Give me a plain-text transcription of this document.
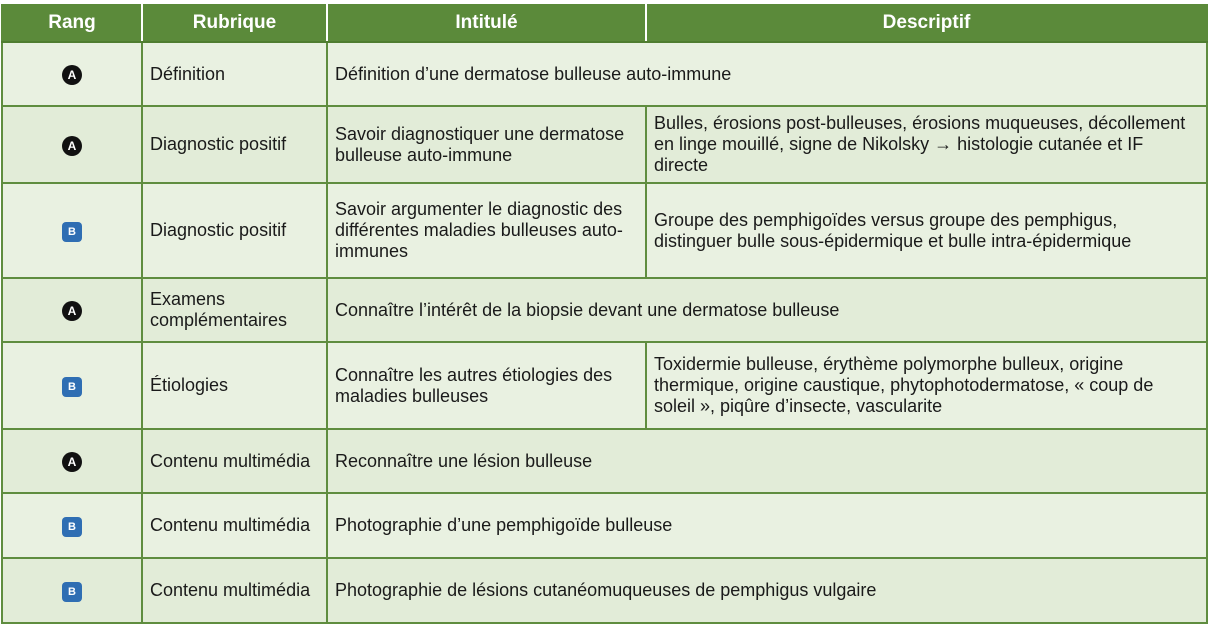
Rang	Rubrique	Intitulé	Descriptif
A	Définition	Définition d’une dermatose bulleuse auto-immune	
A	Diagnostic positif	Savoir diagnostiquer une dermatose bulleuse auto-immune	Bulles, érosions post-bulleuses, érosions muqueuses, décollement en linge mouillé, signe de Nikolsky → histologie cutanée et IF directe
B	Diagnostic positif	Savoir argumenter le diagnostic des différentes maladies bulleuses auto-immunes	Groupe des pemphigoïdes versus groupe des pemphigus, distinguer bulle sous-épidermique et bulle intra-épidermique
A	Examens complémentaires	Connaître l’intérêt de la biopsie devant une dermatose bulleuse	
B	Étiologies	Connaître les autres étiologies des maladies bulleuses	Toxidermie bulleuse, érythème polymorphe bulleux, origine thermique, origine caustique, phytophotodermatose, « coup de soleil », piqûre d’insecte, vascularite
A	Contenu multimédia	Reconnaître une lésion bulleuse	
B	Contenu multimédia	Photographie d’une pemphigoïde bulleuse	
B	Contenu multimédia	Photographie de lésions cutanéomuqueuses de pemphigus vulgaire	
